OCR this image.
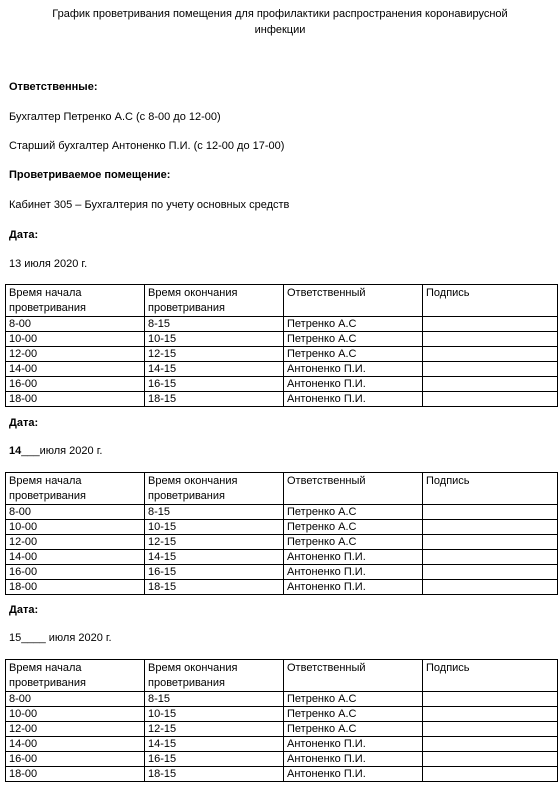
График проветривания помещения для профилактики распространения коронавирусной инфекции
Ответственные:
Бухгалтер Петренко А.С (с 8-00 до 12-00)
Старший бухгалтер Антоненко П.И. (с 12-00 до 17-00)
Проветриваемое помещение:
Кабинет 305 – Бухгалтерия по учету основных средств
Дата:
13 июля 2020 г.
Время начала проветривания	Время окончания проветривания	Ответственный	Подпись
8-00	8-15	Петренко А.С	
10-00	10-15	Петренко А.С	
12-00	12-15	Петренко А.С	
14-00	14-15	Антоненко П.И.	
16-00	16-15	Антоненко П.И.	
18-00	18-15	Антоненко П.И.	
Дата:
14___июля 2020 г.
Время начала проветривания	Время окончания проветривания	Ответственный	Подпись
8-00	8-15	Петренко А.С	
10-00	10-15	Петренко А.С	
12-00	12-15	Петренко А.С	
14-00	14-15	Антоненко П.И.	
16-00	16-15	Антоненко П.И.	
18-00	18-15	Антоненко П.И.	
Дата:
15____ июля 2020 г.
Время начала проветривания	Время окончания проветривания	Ответственный	Подпись
8-00	8-15	Петренко А.С	
10-00	10-15	Петренко А.С	
12-00	12-15	Петренко А.С	
14-00	14-15	Антоненко П.И.	
16-00	16-15	Антоненко П.И.	
18-00	18-15	Антоненко П.И.	
